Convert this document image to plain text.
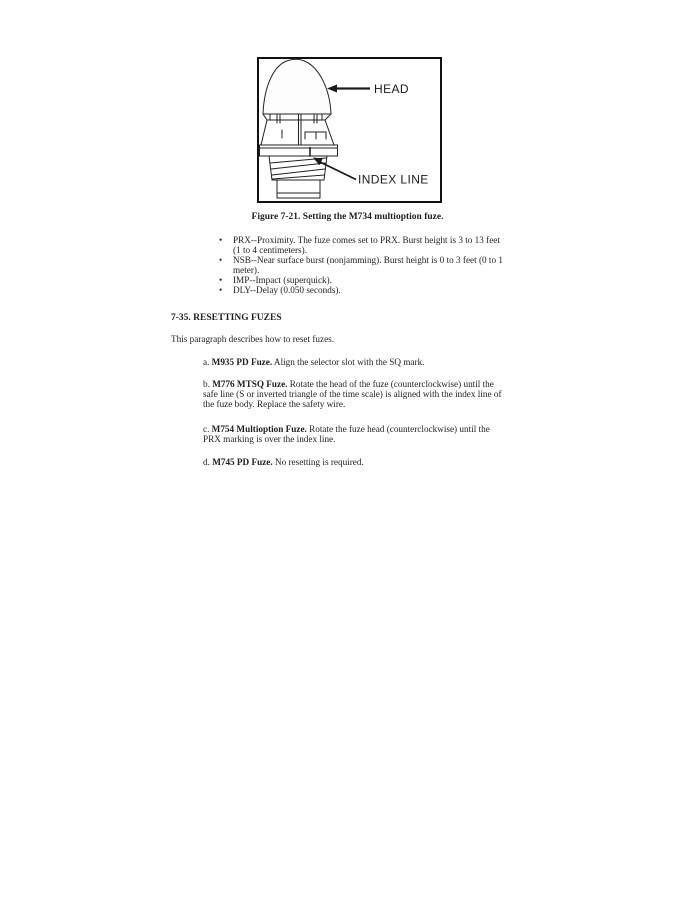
HEAD
INDEX LINE
Figure 7-21. Setting the M734 multioption fuze.
•	PRX--Proximity. The fuze comes set to PRX. Burst height is 3 to 13 feet
(1 to 4 centimeters).
•	NSB--Near surface burst (nonjamming). Burst height is 0 to 3 feet (0 to 1
meter).
•	IMP--Impact (superquick).
•	DLY--Delay (0.050 seconds).
7-35. RESETTING FUZES
This paragraph describes how to reset fuzes.
a. M935 PD Fuze. Align the selector slot with the SQ mark.
b. M776 MTSQ Fuze. Rotate the head of the fuze (counterclockwise) until the
safe line (S or inverted triangle of the time scale) is aligned with the index line of
the fuze body. Replace the safety wire.
c. M754 Multioption Fuze. Rotate the fuze head (counterclockwise) until the
PRX marking is over the index line.
d. M745 PD Fuze. No resetting is required.
